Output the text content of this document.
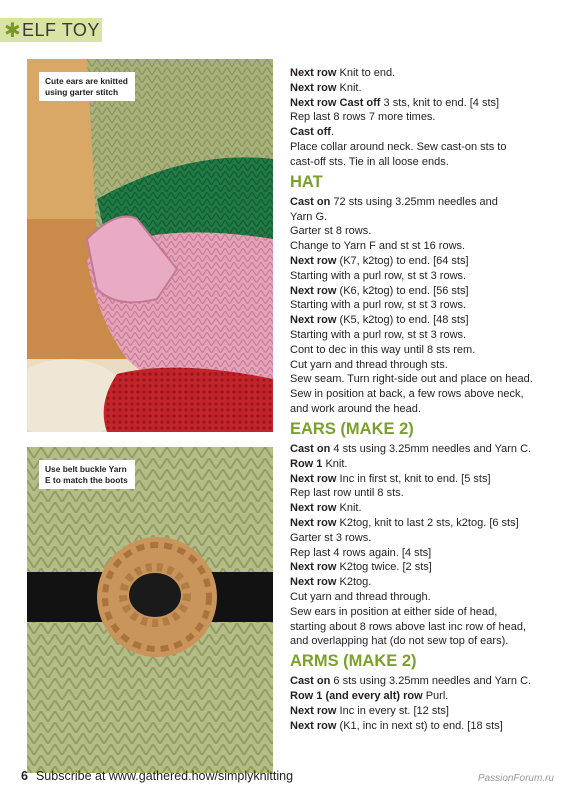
✱ ELF TOY
Cute ears are knitted
using garter stitch
Use belt buckle Yarn
E to match the boots
Next row Knit to end.
Next row Knit.
Next row Cast off 3 sts, knit to end. [4 sts]
Rep last 8 rows 7 more times.
Cast off.
Place collar around neck. Sew cast-on sts to
cast-off sts. Tie in all loose ends.
HAT
Cast on 72 sts using 3.25mm needles and
Yarn G.
Garter st 8 rows.
Change to Yarn F and st st 16 rows.
Next row (K7, k2tog) to end. [64 sts]
Starting with a purl row, st st 3 rows.
Next row (K6, k2tog) to end. [56 sts]
Starting with a purl row, st st 3 rows.
Next row (K5, k2tog) to end. [48 sts]
Starting with a purl row, st st 3 rows.
Cont to dec in this way until 8 sts rem.
Cut yarn and thread through sts.
Sew seam. Turn right-side out and place on head.
Sew in position at back, a few rows above neck,
and work around the head.
EARS (MAKE 2)
Cast on 4 sts using 3.25mm needles and Yarn C.
Row 1 Knit.
Next row Inc in first st, knit to end. [5 sts]
Rep last row until 8 sts.
Next row Knit.
Next row K2tog, knit to last 2 sts, k2tog. [6 sts]
Garter st 3 rows.
Rep last 4 rows again. [4 sts]
Next row K2tog twice. [2 sts]
Next row K2tog.
Cut yarn and thread through.
Sew ears in position at either side of head,
starting about 8 rows above last inc row of head,
and overlapping hat (do not sew top of ears).
ARMS (MAKE 2)
Cast on 6 sts using 3.25mm needles and Yarn C.
Row 1 (and every alt) row Purl.
Next row Inc in every st. [12 sts]
Next row (K1, inc in next st) to end. [18 sts]
6 Subscribe at www.gathered.how/simplyknitting	PassionForum.ru
